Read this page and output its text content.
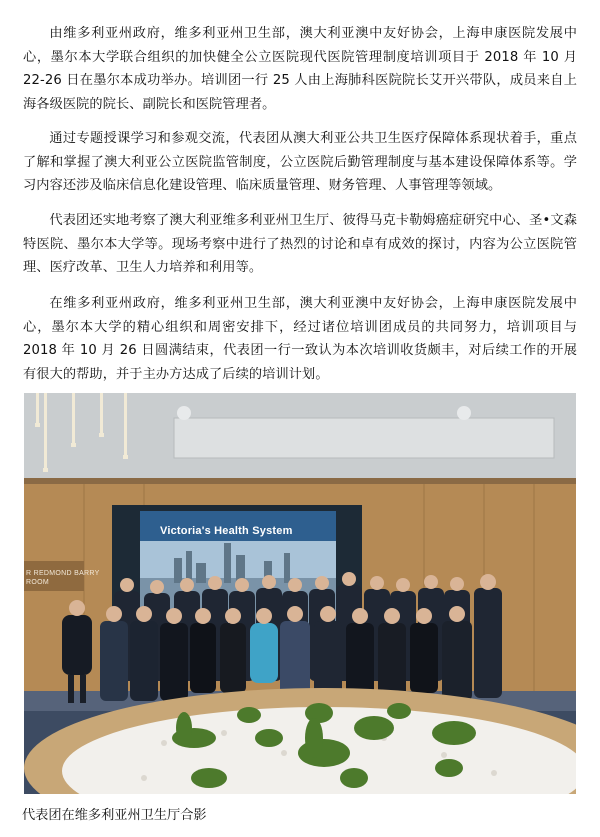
由维多利亚州政府，维多利亚州卫生部，澳大利亚澳中友好协会，上海申康医院发展中心，墨尔本大学联合组织的加快健全公立医院现代医院管理制度培训项目于 2018 年 10 月 22-26 日在墨尔本成功举办。培训团一行 25 人由上海肺科医院院长艾开兴带队，成员来自上海各级医院的院长、副院长和医院管理者。

通过专题授课学习和参观交流，代表团从澳大利亚公共卫生医疗保障体系现状着手，重点了解和掌握了澳大利亚公立医院监管制度，公立医院后勤管理制度与基本建设保障体系等。学习内容还涉及临床信息化建设管理、临床质量管理、财务管理、人事管理等领域。

代表团还实地考察了澳大利亚维多利亚州卫生厅、彼得马克卡勒姆癌症研究中心、圣•文森特医院、墨尔本大学等。现场考察中进行了热烈的讨论和卓有成效的探讨，内容为公立医院管理、医疗改革、卫生人力培养和利用等。

在维多利亚州政府，维多利亚州卫生部，澳大利亚澳中友好协会，上海申康医院发展中心，墨尔本大学的精心组织和周密安排下，经过诸位培训团成员的共同努力，培训项目与 2018 年 10 月 26 日圆满结束，代表团一行一致认为本次培训收货颇丰，对后续工作的开展有很大的帮助，并于主办方达成了后续的培训计划。

Victoria's Health System
R REDMOND BARRY
ROOM

代表团在维多利亚州卫生厅合影
